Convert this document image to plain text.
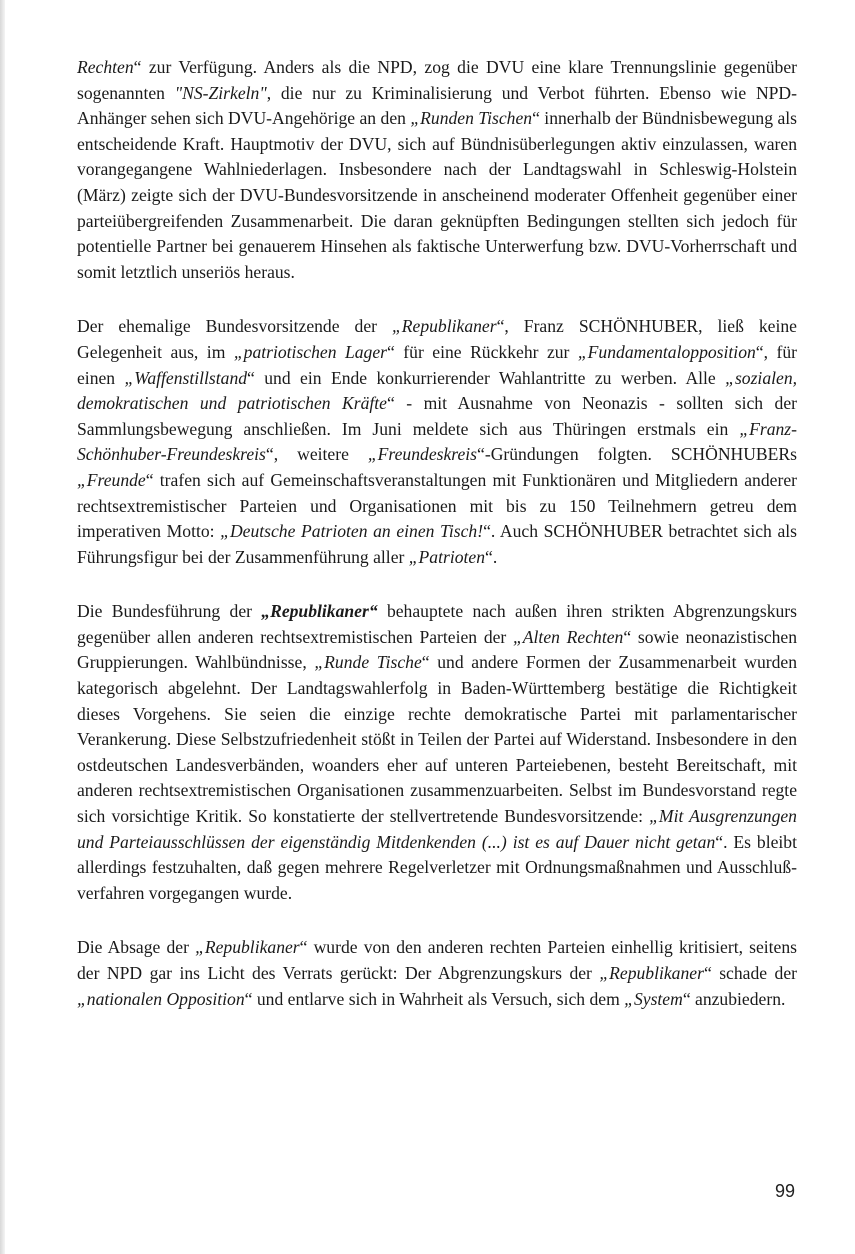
Rechten“ zur Verfügung. Anders als die NPD, zog die DVU eine klare Trennungslinie gegenüber sogenannten "NS-Zirkeln", die nur zu Kriminalisierung und Verbot führten. Ebenso wie NPD-Anhänger sehen sich DVU-Angehörige an den „Runden Tischen“ innerhalb der Bündnisbewegung als entscheidende Kraft. Hauptmotiv der DVU, sich auf Bündnisüberlegungen aktiv einzulassen, waren vorangegangene Wahlniederlagen. Insbesondere nach der Landtagswahl in Schleswig-Holstein (März) zeigte sich der DVU-Bundesvorsitzende in anscheinend moderater Offenheit gegenüber einer parteiübergreifenden Zusammenarbeit. Die daran geknüpften Bedingungen stellten sich jedoch für potentielle Partner bei genauerem Hinsehen als faktische Unterwerfung bzw. DVU-Vorherrschaft und somit letztlich unseriös heraus.

Der ehemalige Bundesvorsitzende der „Republikaner“, Franz SCHÖNHUBER, ließ keine Gelegenheit aus, im „patriotischen Lager“ für eine Rückkehr zur „Fundamentalopposition“, für einen „Waffenstillstand“ und ein Ende konkurrierender Wahlantritte zu werben. Alle „sozialen, demokratischen und patriotischen Kräfte“ - mit Ausnahme von Neonazis - sollten sich der Sammlungsbewegung anschließen. Im Juni meldete sich aus Thüringen erstmals ein „Franz-Schönhuber-Freundeskreis“, weitere „Freundeskreis“-Gründungen folgten. SCHÖNHUBERs „Freunde“ trafen sich auf Gemeinschaftsveranstaltungen mit Funktionären und Mitgliedern anderer rechtsextremistischer Parteien und Organisationen mit bis zu 150 Teilnehmern getreu dem imperativen Motto: „Deutsche Patrioten an einen Tisch!“. Auch SCHÖNHUBER betrachtet sich als Führungsfigur bei der Zusammenführung aller „Patrioten“.

Die Bundesführung der „Republikaner“ behauptete nach außen ihren strikten Abgrenzungskurs gegenüber allen anderen rechtsextremistischen Parteien der „Alten Rechten“ sowie neonazistischen Gruppierungen. Wahlbündnisse, „Runde Tische“ und andere Formen der Zusammenarbeit wurden kategorisch abgelehnt. Der Landtagswahlerfolg in Baden-Württemberg bestätige die Richtigkeit dieses Vorgehens. Sie seien die einzige rechte demokratische Partei mit parlamentarischer Verankerung. Diese Selbstzufriedenheit stößt in Teilen der Partei auf Widerstand. Insbesondere in den ostdeutschen Landesverbänden, woanders eher auf unteren Parteiebenen, besteht Bereitschaft, mit anderen rechtsextremistischen Organisationen zusammenzuarbeiten. Selbst im Bundesvorstand regte sich vorsichtige Kritik. So konstatierte der stellvertretende Bundesvorsitzende: „Mit Ausgrenzungen und Parteiausschlüssen der eigenständig Mitdenkenden (...) ist es auf Dauer nicht getan“. Es bleibt allerdings festzuhalten, daß gegen mehrere Regelverletzer mit Ordnungsmaßnahmen und Ausschlußverfahren vorgegangen wurde.

Die Absage der „Republikaner“ wurde von den anderen rechten Parteien einhellig kritisiert, seitens der NPD gar ins Licht des Verrats gerückt: Der Abgrenzungskurs der „Republikaner“ schade der „nationalen Opposition“ und entlarve sich in Wahrheit als Versuch, sich dem „System“ anzubiedern.

99
